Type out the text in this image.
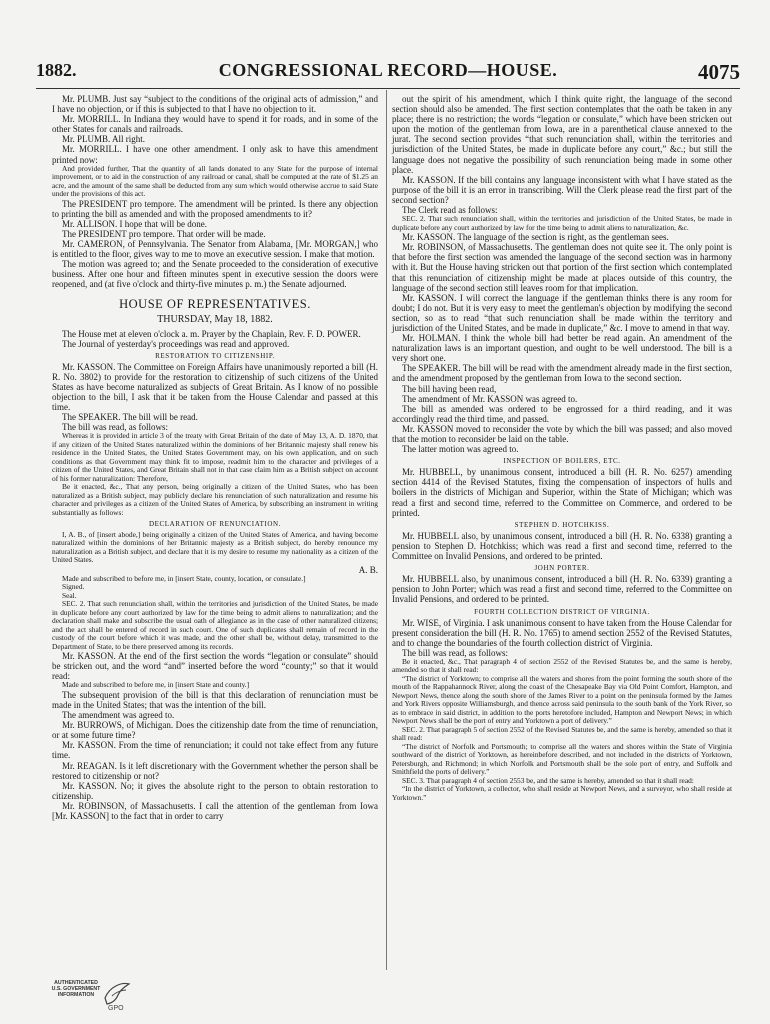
1882.	CONGRESSIONAL RECORD—HOUSE.	4075

Mr. PLUMB. Just say “subject to the conditions of the original acts of admission,” and I have no objection, or if this is subjected to that I have no objection to it.

Mr. MORRILL. In Indiana they would have to spend it for roads, and in some of the other States for canals and railroads.

Mr. PLUMB. All right.

Mr. MORRILL. I have one other amendment. I only ask to have this amendment printed now:

And provided further, That the quantity of all lands donated to any State for the purpose of internal improvement, or to aid in the construction of any railroad or canal, shall be computed at the rate of $1.25 an acre, and the amount of the same shall be deducted from any sum which would otherwise accrue to said State under the provisions of this act.

The PRESIDENT pro tempore. The amendment will be printed. Is there any objection to printing the bill as amended and with the proposed amendments to it?

Mr. ALLISON. I hope that will be done.

The PRESIDENT pro tempore. That order will be made.

Mr. CAMERON, of Pennsylvania. The Senator from Alabama, [Mr. MORGAN,] who is entitled to the floor, gives way to me to move an executive session. I make that motion.

The motion was agreed to; and the Senate proceeded to the consideration of executive business. After one hour and fifteen minutes spent in executive session the doors were reopened, and (at five o'clock and thirty-five minutes p. m.) the Senate adjourned.

HOUSE OF REPRESENTATIVES.

THURSDAY, May 18, 1882.

The House met at eleven o'clock a. m. Prayer by the Chaplain, Rev. F. D. POWER.

The Journal of yesterday's proceedings was read and approved.

RESTORATION TO CITIZENSHIP.

Mr. KASSON. The Committee on Foreign Affairs have unanimously reported a bill (H. R. No. 3802) to provide for the restoration to citizenship of such citizens of the United States as have become naturalized as subjects of Great Britain. As I know of no possible objection to the bill, I ask that it be taken from the House Calendar and passed at this time.

The SPEAKER. The bill will be read.

The bill was read, as follows:

Whereas it is provided in article 3 of the treaty with Great Britain of the date of May 13, A. D. 1870, that if any citizen of the United States naturalized within the dominions of her Britannic majesty shall renew his residence in the United States, the United States Government may, on his own application, and on such conditions as that Government may think fit to impose, readmit him to the character and privileges of a citizen of the United States, and Great Britain shall not in that case claim him as a British subject on account of his former naturalization: Therefore,

Be it enacted, &c., That any person, being originally a citizen of the United States, who has been naturalized as a British subject, may publicly declare his renunciation of such naturalization and resume his character and privileges as a citizen of the United States of America, by subscribing an instrument in writing substantially as follows:

DECLARATION OF RENUNCIATION.

I, A. B., of [insert abode,] being originally a citizen of the United States of America, and having become naturalized within the dominions of her Britannic majesty as a British subject, do hereby renounce my naturalization as a British subject, and declare that it is my desire to resume my nationality as a citizen of the United States.

A. B.

Made and subscribed to before me, in [insert State, county, location, or consulate.]

Signed.

Seal.

SEC. 2. That such renunciation shall, within the territories and jurisdiction of the United States, be made in duplicate before any court authorized by law for the time being to admit aliens to naturalization; and the declaration shall make and subscribe the usual oath of allegiance as in the case of other naturalized citizens; and the act shall be entered of record in such court. One of such duplicates shall remain of record in the custody of the court before which it was made, and the other shall be, without delay, transmitted to the Department of State, to be there preserved among its records.

Mr. KASSON. At the end of the first section the words “legation or consulate” should be stricken out, and the word “and” inserted before the word “county;” so that it would read:

Made and subscribed to before me, in [insert State and county.]

The subsequent provision of the bill is that this declaration of renunciation must be made in the United States; that was the intention of the bill.

The amendment was agreed to.

Mr. BURROWS, of Michigan. Does the citizenship date from the time of renunciation, or at some future time?

Mr. KASSON. From the time of renunciation; it could not take effect from any future time.

Mr. REAGAN. Is it left discretionary with the Government whether the person shall be restored to citizenship or not?

Mr. KASSON. No; it gives the absolute right to the person to obtain restoration to citizenship.

Mr. ROBINSON, of Massachusetts. I call the attention of the gentleman from Iowa [Mr. KASSON] to the fact that in order to carry

out the spirit of his amendment, which I think quite right, the language of the second section should also be amended. The first section contemplates that the oath be taken in any place; there is no restriction; the words “legation or consulate,” which have been stricken out upon the motion of the gentleman from Iowa, are in a parenthetical clause annexed to the jurat. The second section provides “that such renunciation shall, within the territories and jurisdiction of the United States, be made in duplicate before any court,” &c.; but still the language does not negative the possibility of such renunciation being made in some other place.

Mr. KASSON. If the bill contains any language inconsistent with what I have stated as the purpose of the bill it is an error in transcribing. Will the Clerk please read the first part of the second section?

The Clerk read as follows:

SEC. 2. That such renunciation shall, within the territories and jurisdiction of the United States, be made in duplicate before any court authorized by law for the time being to admit aliens to naturalization, &c.

Mr. KASSON. The language of the section is right, as the gentleman sees.

Mr. ROBINSON, of Massachusetts. The gentleman does not quite see it. The only point is that before the first section was amended the language of the second section was in harmony with it. But the House having stricken out that portion of the first section which contemplated that this renunciation of citizenship might be made at places outside of this country, the language of the second section still leaves room for that implication.

Mr. KASSON. I will correct the language if the gentleman thinks there is any room for doubt; I do not. But it is very easy to meet the gentleman's objection by modifying the second section, so as to read “that such renunciation shall be made within the territory and jurisdiction of the United States, and be made in duplicate,” &c. I move to amend in that way.

Mr. HOLMAN. I think the whole bill had better be read again. An amendment of the naturalization laws is an important question, and ought to be well understood. The bill is a very short one.

The SPEAKER. The bill will be read with the amendment already made in the first section, and the amendment proposed by the gentleman from Iowa to the second section.

The bill having been read,

The amendment of Mr. KASSON was agreed to.

The bill as amended was ordered to be engrossed for a third reading, and it was accordingly read the third time, and passed.

Mr. KASSON moved to reconsider the vote by which the bill was passed; and also moved that the motion to reconsider be laid on the table.

The latter motion was agreed to.

INSPECTION OF BOILERS, ETC.

Mr. HUBBELL, by unanimous consent, introduced a bill (H. R. No. 6257) amending section 4414 of the Revised Statutes, fixing the compensation of inspectors of hulls and boilers in the districts of Michigan and Superior, within the State of Michigan; which was read a first and second time, referred to the Committee on Commerce, and ordered to be printed.

STEPHEN D. HOTCHKISS.

Mr. HUBBELL also, by unanimous consent, introduced a bill (H. R. No. 6338) granting a pension to Stephen D. Hotchkiss; which was read a first and second time, referred to the Committee on Invalid Pensions, and ordered to be printed.

JOHN PORTER.

Mr. HUBBELL also, by unanimous consent, introduced a bill (H. R. No. 6339) granting a pension to John Porter; which was read a first and second time, referred to the Committee on Invalid Pensions, and ordered to be printed.

FOURTH COLLECTION DISTRICT OF VIRGINIA.

Mr. WISE, of Virginia. I ask unanimous consent to have taken from the House Calendar for present consideration the bill (H. R. No. 1765) to amend section 2552 of the Revised Statutes, and to change the boundaries of the fourth collection district of Virginia.

The bill was read, as follows:

Be it enacted, &c., That paragraph 4 of section 2552 of the Revised Statutes be, and the same is hereby, amended so that it shall read:

“The district of Yorktown; to comprise all the waters and shores from the point forming the south shore of the mouth of the Rappahannock River, along the coast of the Chesapeake Bay via Old Point Comfort, Hampton, and Newport News, thence along the south shore of the James River to a point on the peninsula formed by the James and York Rivers opposite Williamsburgh, and thence across said peninsula to the south bank of the York River, so as to embrace in said district, in addition to the ports heretofore included, Hampton and Newport News; in which Newport News shall be the port of entry and Yorktown a port of delivery.”

SEC. 2. That paragraph 5 of section 2552 of the Revised Statutes be, and the same is hereby, amended so that it shall read:

“The district of Norfolk and Portsmouth; to comprise all the waters and shores within the State of Virginia southward of the district of Yorktown, as hereinbefore described, and not included in the districts of Yorktown, Petersburgh, and Richmond; in which Norfolk and Portsmouth shall be the sole port of entry, and Suffolk and Smithfield the ports of delivery.”

SEC. 3. That paragraph 4 of section 2553 be, and the same is hereby, amended so that it shall read:

“In the district of Yorktown, a collector, who shall reside at Newport News, and a surveyor, who shall reside at Yorktown.”

AUTHENTICATED
U.S. GOVERNMENT
INFORMATION
GPO
